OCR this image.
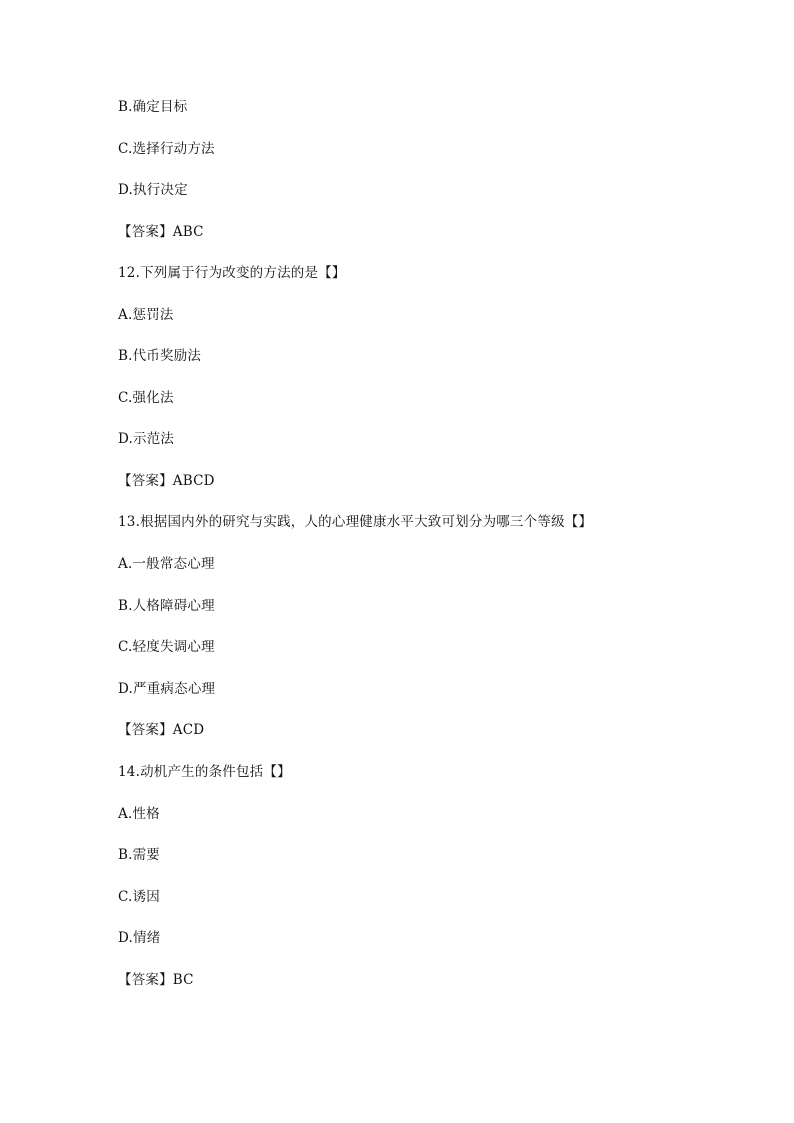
B.确定目标
C.选择行动方法
D.执行决定
【答案】ABC
12.下列属于行为改变的方法的是【】
A.惩罚法
B.代币奖励法
C.强化法
D.示范法
【答案】ABCD
13.根据国内外的研究与实践，人的心理健康水平大致可划分为哪三个等级【】
A.一般常态心理
B.人格障碍心理
C.轻度失调心理
D.严重病态心理
【答案】ACD
14.动机产生的条件包括【】
A.性格
B.需要
C.诱因
D.情绪
【答案】BC
